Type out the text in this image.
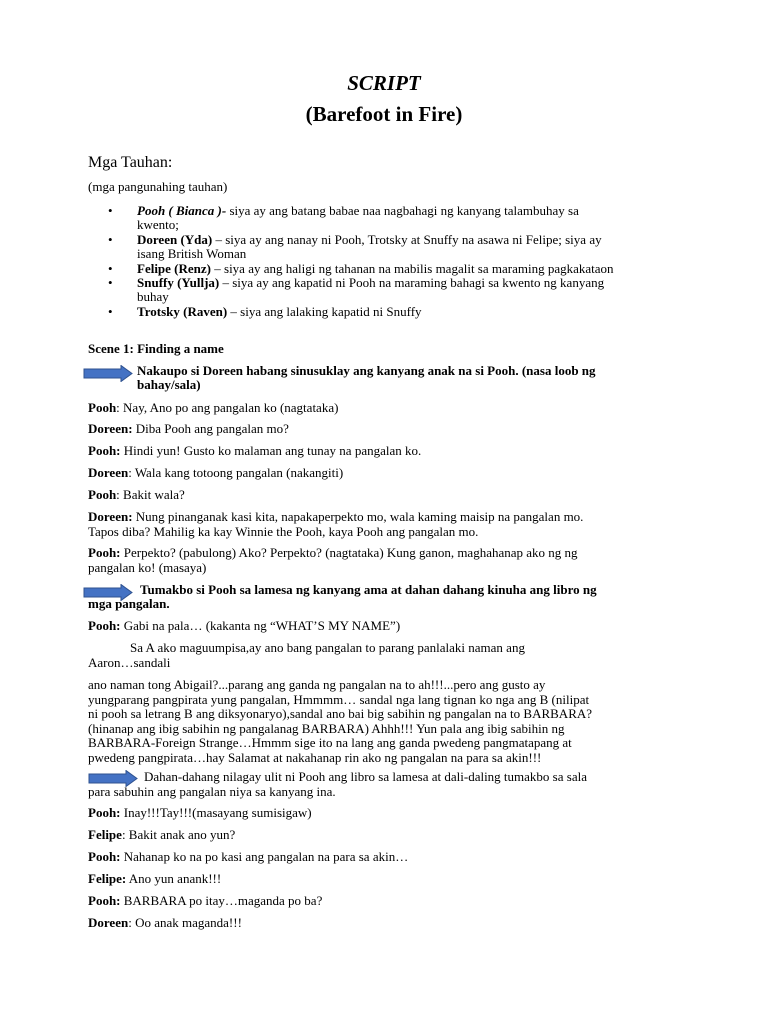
SCRIPT
(Barefoot in Fire)
Mga Tauhan:
(mga pangunahing tauhan)
• Pooh ( Bianca )- siya ay ang batang babae naa nagbahagi ng kanyang talambuhay sa
kwento;
• Doreen (Yda) – siya ay ang nanay ni Pooh, Trotsky at Snuffy na asawa ni Felipe; siya ay
isang British Woman
• Felipe (Renz) – siya ay ang haligi ng tahanan na mabilis magalit sa maraming pagkakataon
• Snuffy (Yullja) – siya ay ang kapatid ni Pooh na maraming bahagi sa kwento ng kanyang
buhay
• Trotsky (Raven) – siya ang lalaking kapatid ni Snuffy
Scene 1: Finding a name
Nakaupo si Doreen habang sinusuklay ang kanyang anak na si Pooh. (nasa loob ng
bahay/sala)
Pooh: Nay, Ano po ang pangalan ko (nagtataka)
Doreen: Diba Pooh ang pangalan mo?
Pooh: Hindi yun! Gusto ko malaman ang tunay na pangalan ko.
Doreen: Wala kang totoong pangalan (nakangiti)
Pooh: Bakit wala?
Doreen: Nung pinanganak kasi kita, napakaperpekto mo, wala kaming maisip na pangalan mo.
Tapos diba? Mahilig ka kay Winnie the Pooh, kaya Pooh ang pangalan mo.
Pooh: Perpekto? (pabulong) Ako? Perpekto? (nagtataka) Kung ganon, maghahanap ako ng ng
pangalan ko! (masaya)
Tumakbo si Pooh sa lamesa ng kanyang ama at dahan dahang kinuha ang libro ng
mga pangalan.
Pooh: Gabi na pala… (kakanta ng “WHAT’S MY NAME”)
Sa A ako maguumpisa,ay ano bang pangalan to parang panlalaki naman ang
Aaron…sandali
ano naman tong Abigail?...parang ang ganda ng pangalan na to ah!!!...pero ang gusto ay
yungparang pangpirata yung pangalan, Hmmmm… sandal nga lang tignan ko nga ang B (nilipat
ni pooh sa letrang B ang diksyonaryo),sandal ano bai big sabihin ng pangalan na to BARBARA?
(hinanap ang ibig sabihin ng pangalanag BARBARA) Ahhh!!! Yun pala ang ibig sabihin ng
BARBARA-Foreign Strange…Hmmm sige ito na lang ang ganda pwedeng pangmatapang at
pwedeng pangpirata…hay Salamat at nakahanap rin ako ng pangalan na para sa akin!!!
Dahan-dahang nilagay ulit ni Pooh ang libro sa lamesa at dali-daling tumakbo sa sala
para sabuhin ang pangalan niya sa kanyang ina.
Pooh: Inay!!!Tay!!!(masayang sumisigaw)
Felipe: Bakit anak ano yun?
Pooh: Nahanap ko na po kasi ang pangalan na para sa akin…
Felipe: Ano yun anank!!!
Pooh: BARBARA po itay…maganda po ba?
Doreen: Oo anak maganda!!!
